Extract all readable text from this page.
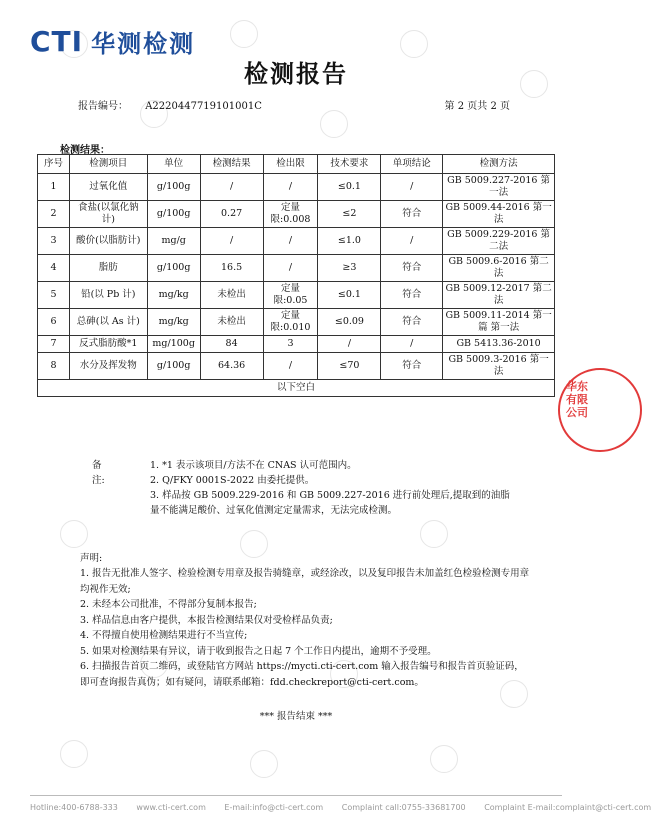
CTI 华测检测
检测报告
报告编号： A2220447719101001C	第 2 页共 2 页
检测结果：
序号	检测项目	单位	检测结果	检出限	技术要求	单项结论	检测方法
1	过氧化值	g/100g	/	/	≤0.1	/	GB 5009.227-2016 第一法
2	食盐(以氯化钠计)	g/100g	0.27	定量限:0.008	≤2	符合	GB 5009.44-2016 第一法
3	酸价(以脂肪计)	mg/g	/	/	≤1.0	/	GB 5009.229-2016 第二法
4	脂肪	g/100g	16.5	/	≥3	符合	GB 5009.6-2016 第二法
5	铅(以 Pb 计)	mg/kg	未检出	定量限:0.05	≤0.1	符合	GB 5009.12-2017 第二法
6	总砷(以 As 计)	mg/kg	未检出	定量限:0.010	≤0.09	符合	GB 5009.11-2014 第一篇 第一法
7	反式脂肪酸*1	mg/100g	84	3	/	/	GB 5413.36-2010
8	水分及挥发物	g/100g	64.36	/	≤70	符合	GB 5009.3-2016 第一法
以下空白							
备注:
1. *1 表示该项目/方法不在 CNAS 认可范围内。
2. Q/FKY 0001S-2022 由委托提供。
3. 样品按 GB 5009.229-2016 和 GB 5009.227-2016 进行前处理后,提取到的油脂量不能满足酸价、过氧化值测定定量需求，无法完成检测。
声明:
1. 报告无批准人签字、检验检测专用章及报告骑缝章，或经涂改，以及复印报告未加盖红色检验检测专用章均视作无效;
2. 未经本公司批准，不得部分复制本报告;
3. 样品信息由客户提供，本报告检测结果仅对受检样品负责;
4. 不得擅自使用检测结果进行不当宣传;
5. 如果对检测结果有异议，请于收到报告之日起 7 个工作日内提出，逾期不予受理。
6. 扫描报告首页二维码，或登陆官方网站 https://mycti.cti-cert.com 输入报告编号和报告首页验证码，即可查询报告真伪；如有疑问，请联系邮箱：fdd.checkreport@cti-cert.com。
*** 报告结束 ***
华东有限公司
Hotline:400-6788-333 www.cti-cert.com E-mail:info@cti-cert.com Complaint call:0755-33681700 Complaint E-mail:complaint@cti-cert.com
